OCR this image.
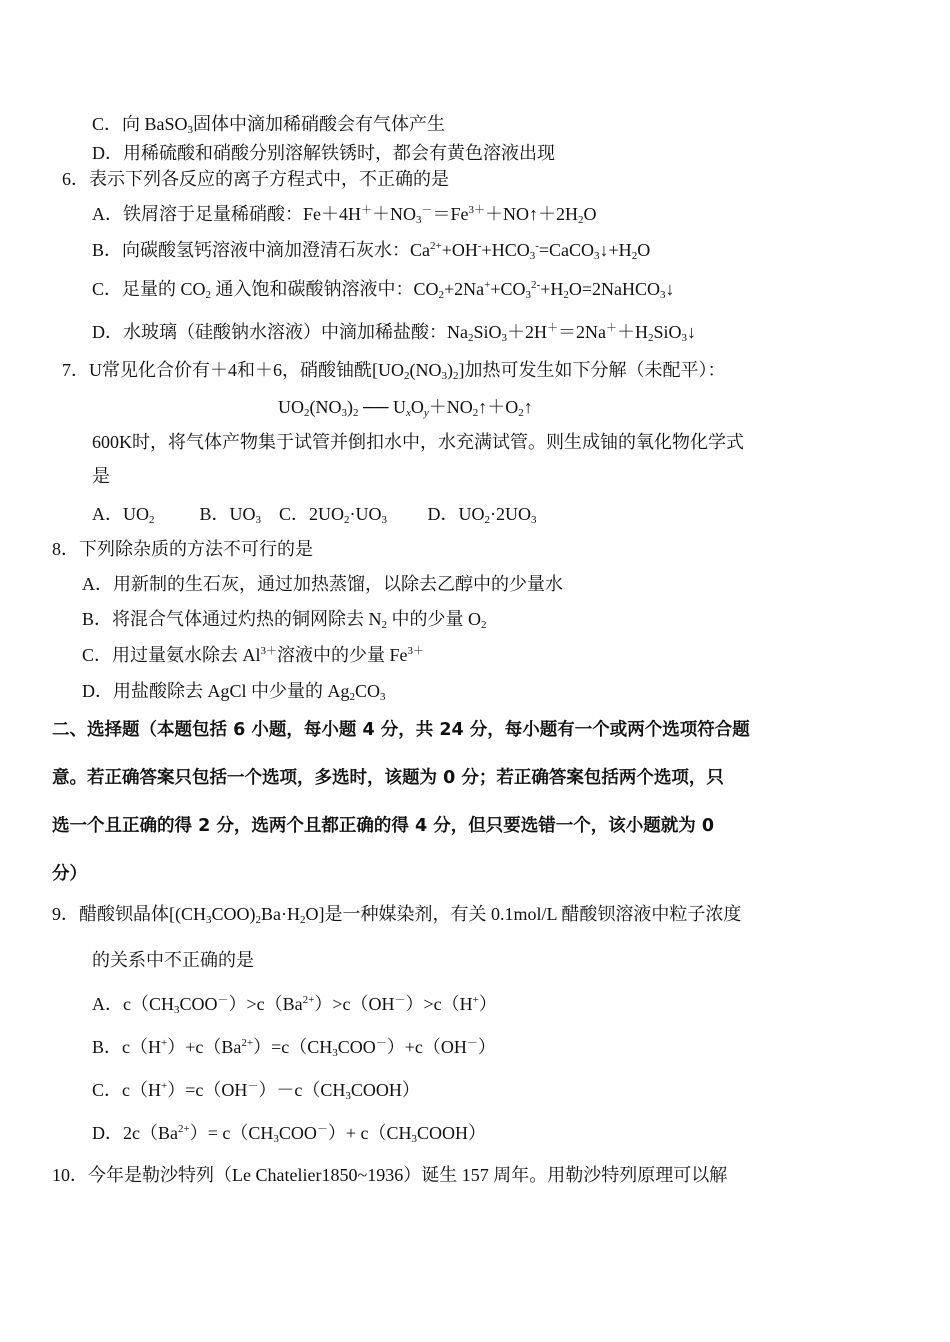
C．向 BaSO$_3$固体中滴加稀硝酸会有气体产生
D．用稀硫酸和硝酸分别溶解铁锈时，都会有黄色溶液出现
6．表示下列各反应的离子方程式中，不正确的是
A．铁屑溶于足量稀硝酸：$Fe+4H^++NO_3^-=Fe^{3+}+NO↑+2H_2O$
B．向碳酸氢钙溶液中滴加澄清石灰水：$Ca^{2+}+OH^-+HCO_3^-=CaCO_3↓+H_2O$
C．足量的 $CO_2$ 通入饱和碳酸钠溶液中：$CO_2+2Na^++CO_3^{2-}+H_2O=2NaHCO_3↓$
D．水玻璃（硅酸钠水溶液）中滴加稀盐酸：$Na_2SiO_3+2H^+=2Na^++H_2SiO_3↓$
7．U常见化合价有＋4和＋6，硝酸铀酰$[UO_2(NO_3)_2]$加热可发生如下分解（未配平）：
$UO_2(NO_3)_2$ ── $U_xO_y+NO_2↑+O_2↑$
600K时，将气体产物集于试管并倒扣水中，水充满试管。则生成铀的氧化物化学式
是
A．$UO_2$          B．$UO_3$    C．$2UO_2\cdot UO_3$         D．$UO_2\cdot 2UO_3$
8．下列除杂质的方法不可行的是
A．用新制的生石灰，通过加热蒸馏，以除去乙醇中的少量水
B．将混合气体通过灼热的铜网除去 $N_2$ 中的少量 $O_2$
C．用过量氨水除去 $Al^{3+}$溶液中的少量 $Fe^{3+}$
D．用盐酸除去 AgCl 中少量的 $Ag_2CO_3$
二、选择题（本题包括 6 小题，每小题 4 分，共 24 分，每小题有一个或两个选项符合题
意。若正确答案只包括一个选项，多选时，该题为 0 分；若正确答案包括两个选项，只
选一个且正确的得 2 分，选两个且都正确的得 4 分，但只要选错一个，该小题就为 0
分）
9．醋酸钡晶体$[(CH_3COO)_2Ba\cdot H_2O]$是一种媒染剂，有关 0.1mol/L 醋酸钡溶液中粒子浓度
的关系中不正确的是
A．$c(CH_3COO^-)>c(Ba^{2+})>c(OH^-)>c(H^+)$
B．$c(H^+)+c(Ba^{2+})=c(CH_3COO^-)+c(OH^-)$
C．$c(H^+)=c(OH^-)-c(CH_3COOH)$
D．$2c(Ba^{2+})= c(CH_3COO^-)+$ $c(CH_3COOH)$
10．今年是勒沙特列（Le Chatelier1850~1936）诞生 157 周年。用勒沙特列原理可以解
